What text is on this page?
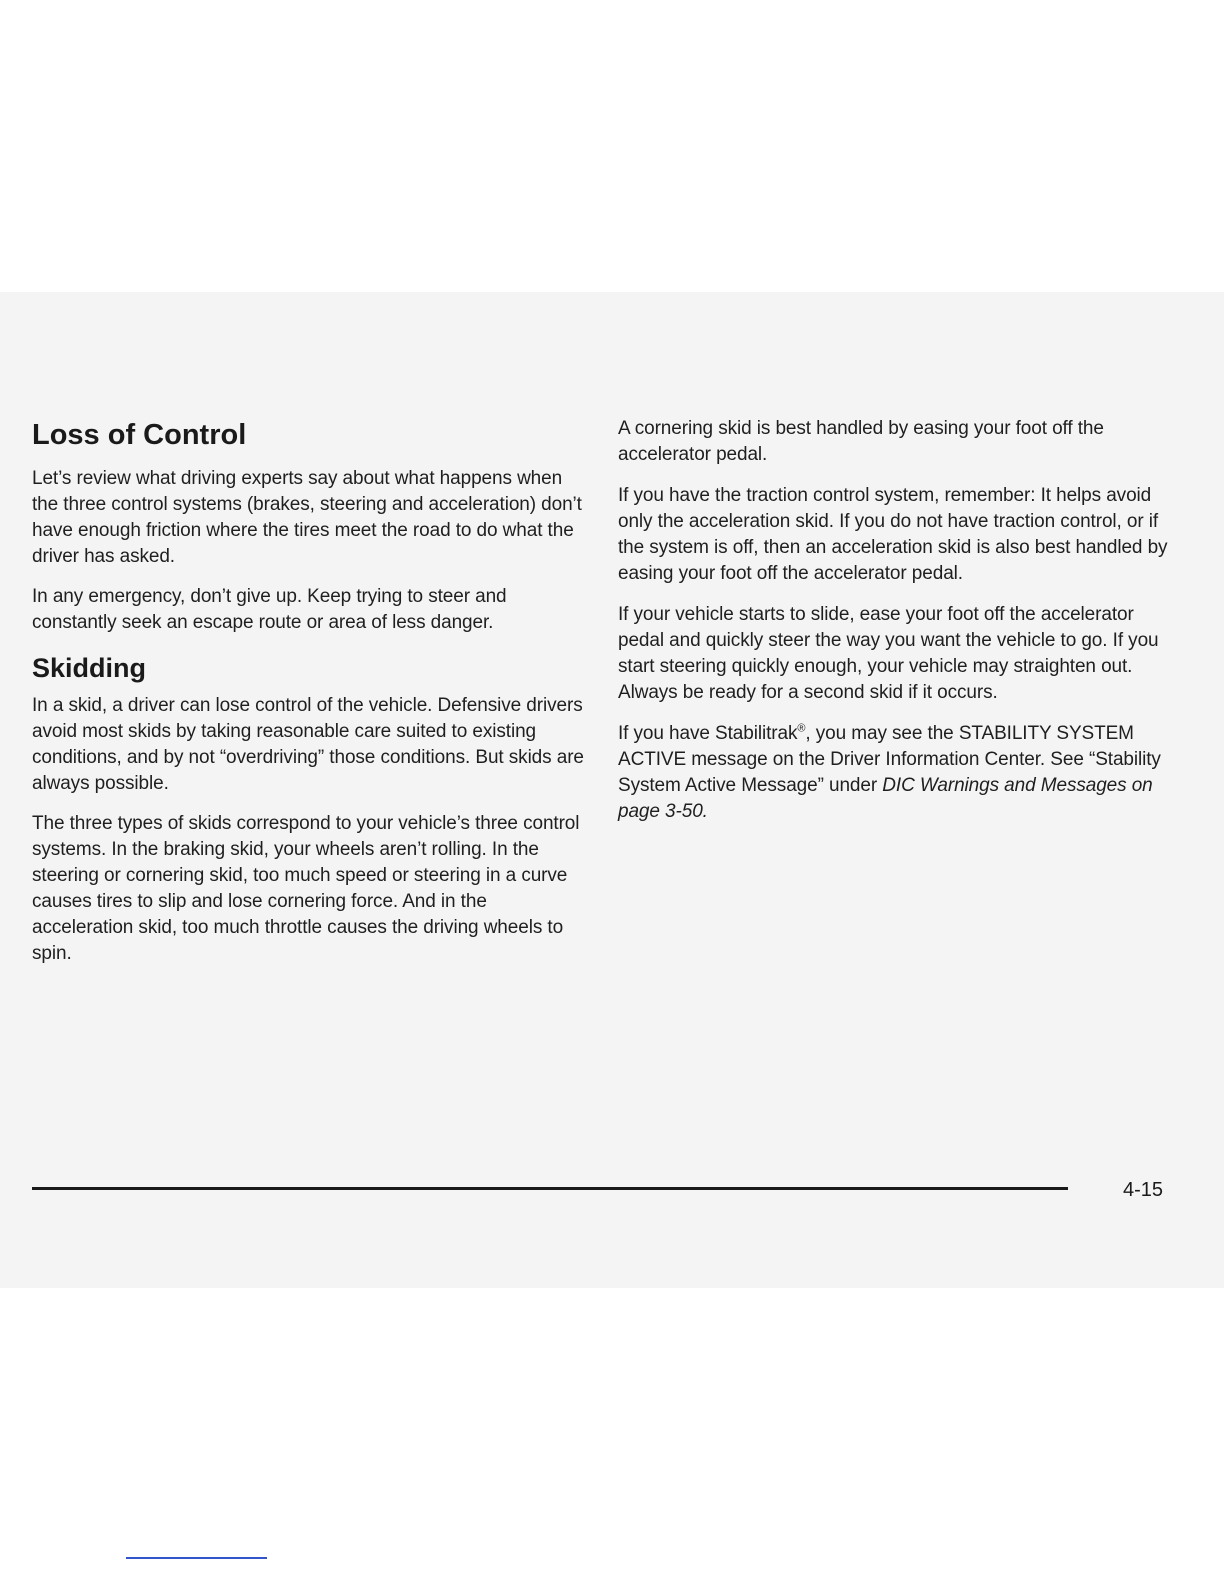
Loss of Control

Let’s review what driving experts say about what happens when the three control systems (brakes, steering and acceleration) don’t have enough friction where the tires meet the road to do what the driver has asked.

In any emergency, don’t give up. Keep trying to steer and constantly seek an escape route or area of less danger.

Skidding

In a skid, a driver can lose control of the vehicle. Defensive drivers avoid most skids by taking reasonable care suited to existing conditions, and by not “overdriving” those conditions. But skids are always possible.

The three types of skids correspond to your vehicle’s three control systems. In the braking skid, your wheels aren’t rolling. In the steering or cornering skid, too much speed or steering in a curve causes tires to slip and lose cornering force. And in the acceleration skid, too much throttle causes the driving wheels to spin.

A cornering skid is best handled by easing your foot off the accelerator pedal.

If you have the traction control system, remember: It helps avoid only the acceleration skid. If you do not have traction control, or if the system is off, then an acceleration skid is also best handled by easing your foot off the accelerator pedal.

If your vehicle starts to slide, ease your foot off the accelerator pedal and quickly steer the way you want the vehicle to go. If you start steering quickly enough, your vehicle may straighten out. Always be ready for a second skid if it occurs.

If you have Stabilitrak®, you may see the STABILITY SYSTEM ACTIVE message on the Driver Information Center. See “Stability System Active Message” under DIC Warnings and Messages on page 3-50.

4-15
